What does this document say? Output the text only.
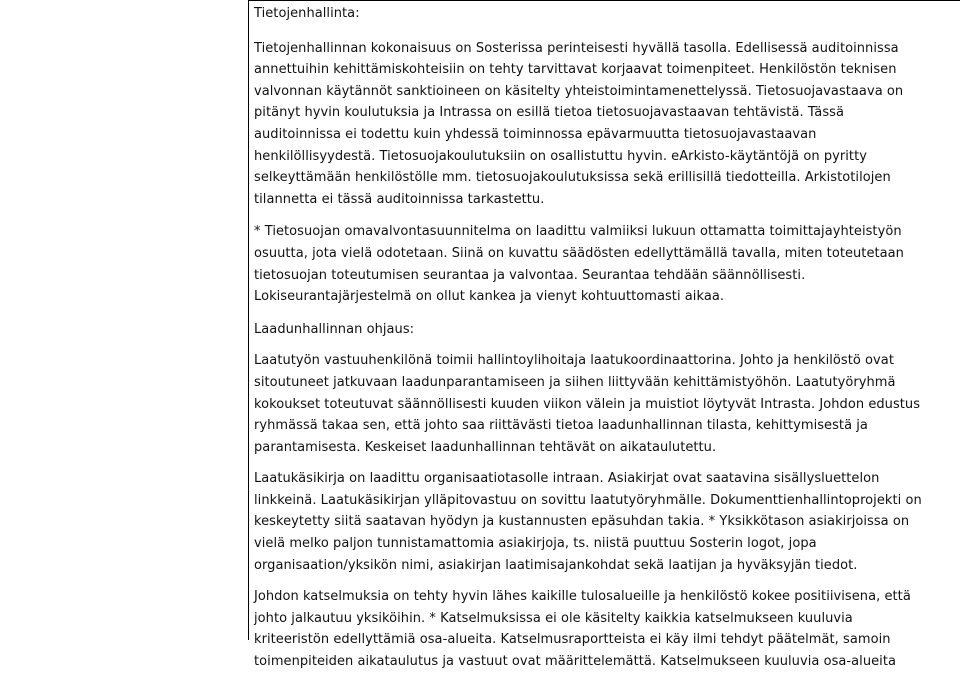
Tietojenhallinta:

Tietojenhallinnan kokonaisuus on Sosterissa perinteisesti hyvällä tasolla. Edellisessä auditoinnissa
annettuihin kehittämiskohteisiin on tehty tarvittavat korjaavat toimenpiteet. Henkilöstön teknisen
valvonnan käytännöt sanktioineen on käsitelty yhteistoimintamenettelyssä. Tietosuojavastaava on
pitänyt hyvin koulutuksia ja Intrassa on esillä tietoa tietosuojavastaavan tehtävistä. Tässä
auditoinnissa ei todettu kuin yhdessä toiminnossa epävarmuutta tietosuojavastaavan
henkilöllisyydestä. Tietosuojakoulutuksiin on osallistuttu hyvin. eArkisto-käytäntöjä on pyritty
selkeyttämään henkilöstölle mm. tietosuojakoulutuksissa sekä erillisillä tiedotteilla. Arkistotilojen
tilannetta ei tässä auditoinnissa tarkastettu.

* Tietosuojan omavalvontasuunnitelma on laadittu valmiiksi lukuun ottamatta toimittajayhteistyön
osuutta, jota vielä odotetaan. Siinä on kuvattu säädösten edellyttämällä tavalla, miten toteutetaan
tietosuojan toteutumisen seurantaa ja valvontaa. Seurantaa tehdään säännöllisesti.
Lokiseurantajärjestelmä on ollut kankea ja vienyt kohtuuttomasti aikaa.

Laadunhallinnan ohjaus:

Laatutyön vastuuhenkilönä toimii hallintoylihoitaja laatukoordinaattorina. Johto ja henkilöstö ovat
sitoutuneet jatkuvaan laadunparantamiseen ja siihen liittyvään kehittämistyöhön. Laatutyöryhmä
kokoukset toteutuvat säännöllisesti kuuden viikon välein ja muistiot löytyvät Intrasta. Johdon edustus
ryhmässä takaa sen, että johto saa riittävästi tietoa laadunhallinnan tilasta, kehittymisestä ja
parantamisesta. Keskeiset laadunhallinnan tehtävät on aikataulutettu.

Laatukäsikirja on laadittu organisaatiotasolle intraan. Asiakirjat ovat saatavina sisällysluettelon
linkkeinä. Laatukäsikirjan ylläpitovastuu on sovittu laatutyöryhmälle. Dokumenttienhallintoprojekti on
keskeytetty siitä saatavan hyödyn ja kustannusten epäsuhdan takia. * Yksikkötason asiakirjoissa on
vielä melko paljon tunnistamattomia asiakirjoja, ts. niistä puuttuu Sosterin logot, jopa
organisaation/yksikön nimi, asiakirjan laatimisajankohdat sekä laatijan ja hyväksyjän tiedot.

Johdon katselmuksia on tehty hyvin lähes kaikille tulosalueille ja henkilöstö kokee positiivisena, että
johto jalkautuu yksiköihin. * Katselmuksissa ei ole käsitelty kaikkia katselmukseen kuuluvia
kriteeristön edellyttämiä osa-alueita. Katselmusraportteista ei käy ilmi tehdyt päätelmät, samoin
toimenpiteiden aikataulutus ja vastuut ovat määrittelemättä. Katselmukseen kuuluvia osa-alueita
